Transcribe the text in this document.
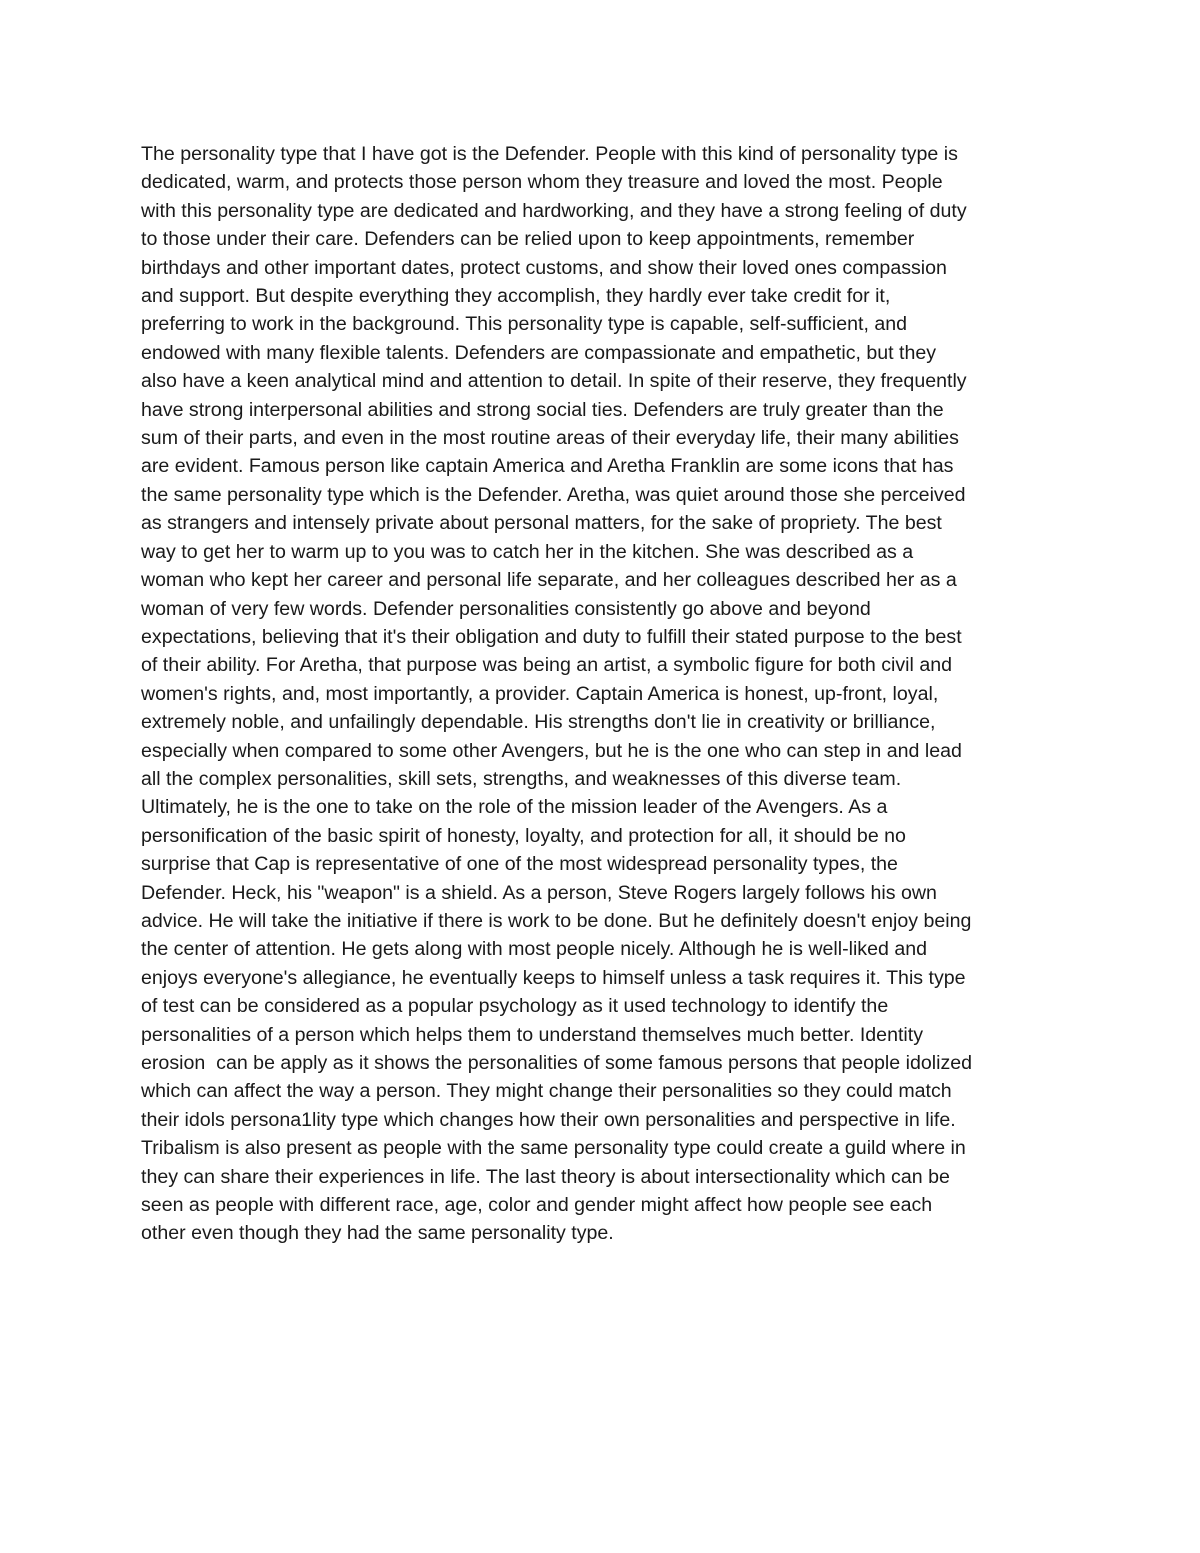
The personality type that I have got is the Defender. People with this kind of personality type is
dedicated, warm, and protects those person whom they treasure and loved the most. People
with this personality type are dedicated and hardworking, and they have a strong feeling of duty
to those under their care. Defenders can be relied upon to keep appointments, remember
birthdays and other important dates, protect customs, and show their loved ones compassion
and support. But despite everything they accomplish, they hardly ever take credit for it,
preferring to work in the background. This personality type is capable, self-sufficient, and
endowed with many flexible talents. Defenders are compassionate and empathetic, but they
also have a keen analytical mind and attention to detail. In spite of their reserve, they frequently
have strong interpersonal abilities and strong social ties. Defenders are truly greater than the
sum of their parts, and even in the most routine areas of their everyday life, their many abilities
are evident. Famous person like captain America and Aretha Franklin are some icons that has
the same personality type which is the Defender. Aretha, was quiet around those she perceived
as strangers and intensely private about personal matters, for the sake of propriety. The best
way to get her to warm up to you was to catch her in the kitchen. She was described as a
woman who kept her career and personal life separate, and her colleagues described her as a
woman of very few words. Defender personalities consistently go above and beyond
expectations, believing that it's their obligation and duty to fulfill their stated purpose to the best
of their ability. For Aretha, that purpose was being an artist, a symbolic figure for both civil and
women's rights, and, most importantly, a provider. Captain America is honest, up-front, loyal,
extremely noble, and unfailingly dependable. His strengths don't lie in creativity or brilliance,
especially when compared to some other Avengers, but he is the one who can step in and lead
all the complex personalities, skill sets, strengths, and weaknesses of this diverse team.
Ultimately, he is the one to take on the role of the mission leader of the Avengers. As a
personification of the basic spirit of honesty, loyalty, and protection for all, it should be no
surprise that Cap is representative of one of the most widespread personality types, the
Defender. Heck, his "weapon" is a shield. As a person, Steve Rogers largely follows his own
advice. He will take the initiative if there is work to be done. But he definitely doesn't enjoy being
the center of attention. He gets along with most people nicely. Although he is well-liked and
enjoys everyone's allegiance, he eventually keeps to himself unless a task requires it. This type
of test can be considered as a popular psychology as it used technology to identify the
personalities of a person which helps them to understand themselves much better. Identity
erosion  can be apply as it shows the personalities of some famous persons that people idolized
which can affect the way a person. They might change their personalities so they could match
their idols persona1lity type which changes how their own personalities and perspective in life.
Tribalism is also present as people with the same personality type could create a guild where in
they can share their experiences in life. The last theory is about intersectionality which can be
seen as people with different race, age, color and gender might affect how people see each
other even though they had the same personality type.
